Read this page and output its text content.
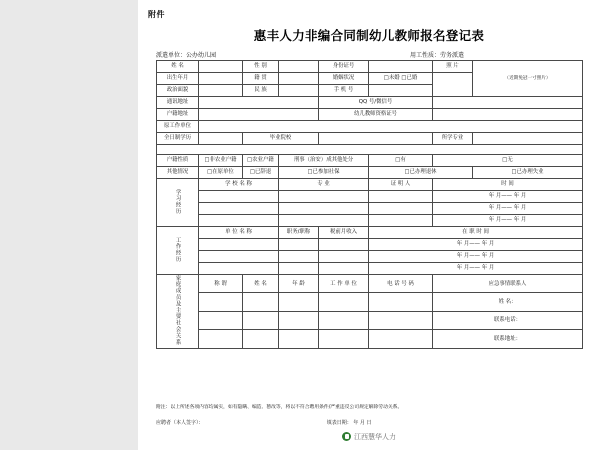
附件
惠丰人力非编合同制幼儿教师报名登记表
派遣单位：公办幼儿园	用工性质：劳务派遣
姓 名		性 别		身份证号		照 片	（近期免冠一寸照片）
出生年月		籍 贯		婚姻状况	□未婚 □已婚		
政治面貌		民 族		手 机 号			
通讯地址				QQ 号/微信号			
户籍地址				幼儿教师资格证号			
原工作单位							
全日制学历		毕业院校				所学专业	

户籍性质	□非农业户籍	□农业户籍	刑事（治安）成其他处分		□有	□无	
其他情况	□在原单位	□已辞退	□已参加社保		□已办理退休		□已办理失业
学习经历	学 校 名 称		专 业		证 明 人	时 间	
						年 月—— 年 月	
						年 月—— 年 月	
						年 月—— 年 月	
工作经历	单 位 名 称		职务/职称	税前月收入	在 职 时 间		
					年 月—— 年 月		
					年 月—— 年 月		
					年 月—— 年 月		
家庭成员及主要社会关系	称 谓	姓 名	年 龄	工 作 单 位	电 话 号 码	应急事情联系人	
						姓 名：	
						联系电话：	
						联系地址：	
附注：以上所述各项内容均属实，如有隐瞒、编造、篡改等，将以不符合聘用条件/严重违反公司规定解除劳动关系。
应聘者（本人签字）：	填表日期： 年 月 日
江西慧华人力
